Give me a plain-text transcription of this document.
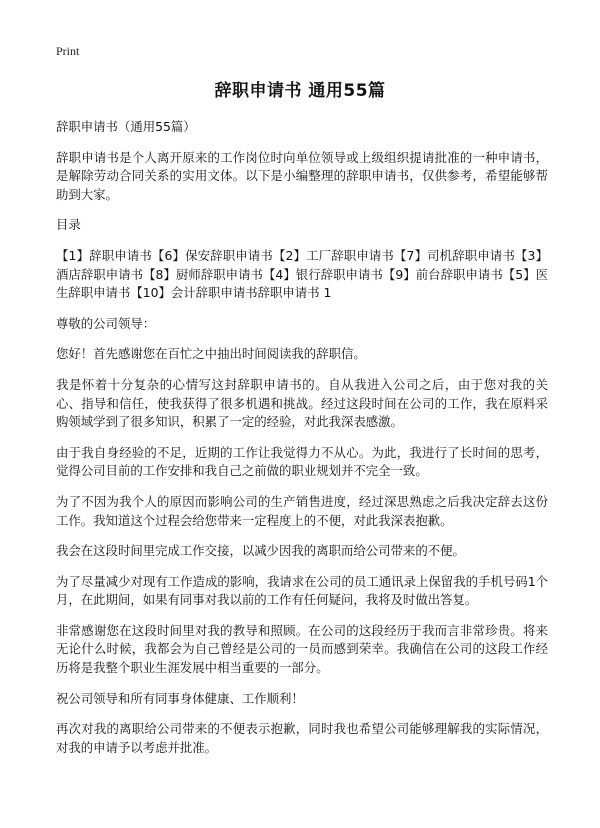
Print
辞职申请书 通用55篇

辞职申请书（通用55篇）

辞职申请书是个人离开原来的工作岗位时向单位领导或上级组织提请批准的一种申请书，是解除劳动合同关系的实用文体。以下是小编整理的辞职申请书，仅供参考，希望能够帮助到大家。

目录

【1】辞职申请书【6】保安辞职申请书【2】工厂辞职申请书【7】司机辞职申请书【3】酒店辞职申请书【8】厨师辞职申请书【4】银行辞职申请书【9】前台辞职申请书【5】医生辞职申请书【10】会计辞职申请书辞职申请书 1

尊敬的公司领导：

您好！首先感谢您在百忙之中抽出时间阅读我的辞职信。

我是怀着十分复杂的心情写这封辞职申请书的。自从我进入公司之后，由于您对我的关心、指导和信任，使我获得了很多机遇和挑战。经过这段时间在公司的工作，我在原料采购领域学到了很多知识，积累了一定的经验，对此我深表感激。

由于我自身经验的不足，近期的工作让我觉得力不从心。为此，我进行了长时间的思考，觉得公司目前的工作安排和我自己之前做的职业规划并不完全一致。

为了不因为我个人的原因而影响公司的生产销售进度，经过深思熟虑之后我决定辞去这份工作。我知道这个过程会给您带来一定程度上的不便，对此我深表抱歉。

我会在这段时间里完成工作交接，以减少因我的离职而给公司带来的不便。

为了尽量减少对现有工作造成的影响，我请求在公司的员工通讯录上保留我的手机号码1个月，在此期间，如果有同事对我以前的工作有任何疑问，我将及时做出答复。

非常感谢您在这段时间里对我的教导和照顾。在公司的这段经历于我而言非常珍贵。将来无论什么时候，我都会为自己曾经是公司的一员而感到荣幸。我确信在公司的这段工作经历将是我整个职业生涯发展中相当重要的一部分。

祝公司领导和所有同事身体健康、工作顺利！

再次对我的离职给公司带来的不便表示抱歉，同时我也希望公司能够理解我的实际情况，对我的申请予以考虑并批准。
